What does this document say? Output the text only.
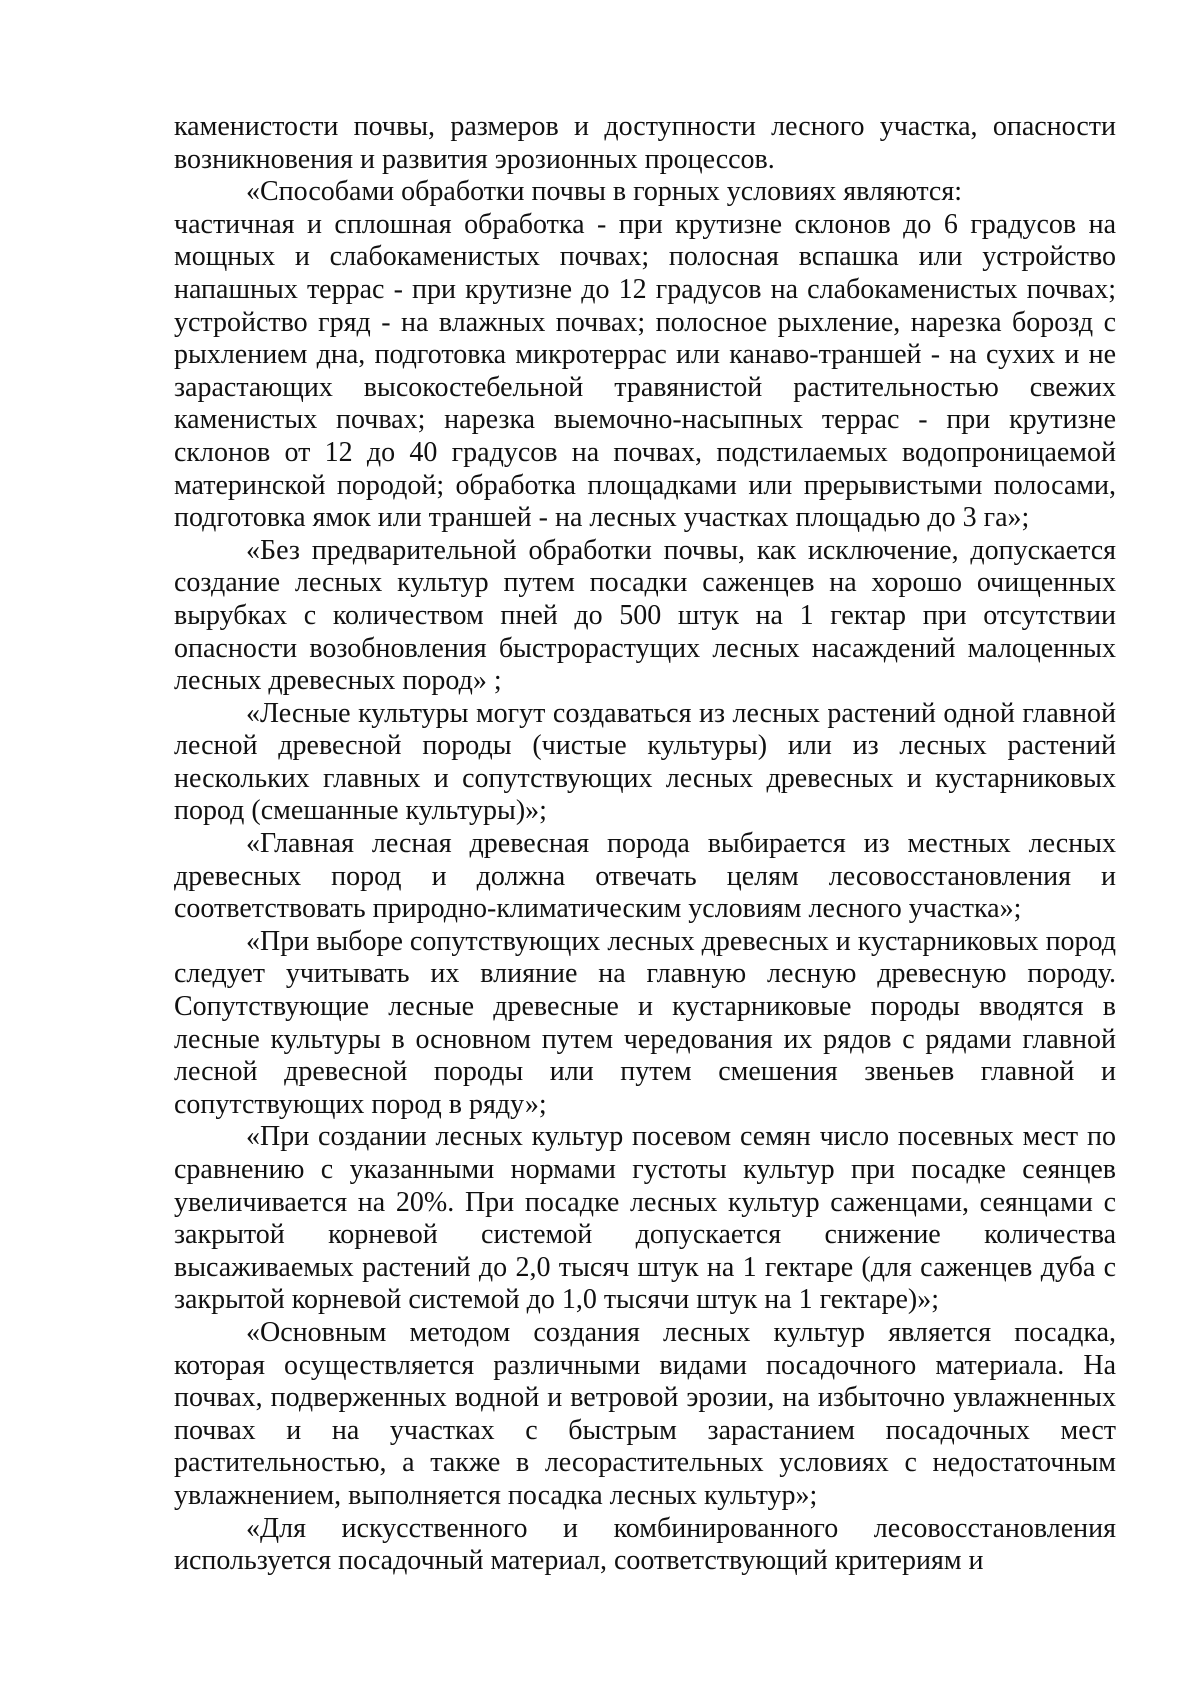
каменистости почвы, размеров и доступности лесного участка, опасности возникновения и развития эрозионных процессов.

«Способами обработки почвы в горных условиях являются:

частичная и сплошная обработка - при крутизне склонов до 6 градусов на мощных и слабокаменистых почвах; полосная вспашка или устройство напашных террас - при крутизне до 12 градусов на слабокаменистых почвах; устройство гряд - на влажных почвах; полосное рыхление, нарезка борозд с рыхлением дна, подготовка микротеррас или канаво-траншей - на сухих и не зарастающих высокостебельной травянистой растительностью свежих каменистых почвах; нарезка выемочно-насыпных террас - при крутизне склонов от 12 до 40 градусов на почвах, подстилаемых водопроницаемой материнской породой; обработка площадками или прерывистыми полосами, подготовка ямок или траншей - на лесных участках площадью до 3 га»;

«Без предварительной обработки почвы, как исключение, допускается создание лесных культур путем посадки саженцев на хорошо очищенных вырубках с количеством пней до 500 штук на 1 гектар при отсутствии опасности возобновления быстрорастущих лесных насаждений малоценных лесных древесных пород» ;

«Лесные культуры могут создаваться из лесных растений одной главной лесной древесной породы (чистые культуры) или из лесных растений нескольких главных и сопутствующих лесных древесных и кустарниковых пород (смешанные культуры)»;

«Главная лесная древесная порода выбирается из местных лесных древесных пород и должна отвечать целям лесовосстановления и соответствовать природно-климатическим условиям лесного участка»;

«При выборе сопутствующих лесных древесных и кустарниковых пород следует учитывать их влияние на главную лесную древесную породу. Сопутствующие лесные древесные и кустарниковые породы вводятся в лесные культуры в основном путем чередования их рядов с рядами главной лесной древесной породы или путем смешения звеньев главной и сопутствующих пород в ряду»;

«При создании лесных культур посевом семян число посевных мест по сравнению с указанными нормами густоты культур при посадке сеянцев увеличивается на 20%. При посадке лесных культур саженцами, сеянцами с закрытой корневой системой допускается снижение количества высаживаемых растений до 2,0 тысяч штук на 1 гектаре (для саженцев дуба с закрытой корневой системой до 1,0 тысячи штук на 1 гектаре)»;

«Основным методом создания лесных культур является посадка, которая осуществляется различными видами посадочного материала. На почвах, подверженных водной и ветровой эрозии, на избыточно увлажненных почвах и на участках с быстрым зарастанием посадочных мест растительностью, а также в лесорастительных условиях с недостаточным увлажнением, выполняется посадка лесных культур»;

«Для искусственного и комбинированного лесовосстановления используется посадочный материал, соответствующий критериям и
